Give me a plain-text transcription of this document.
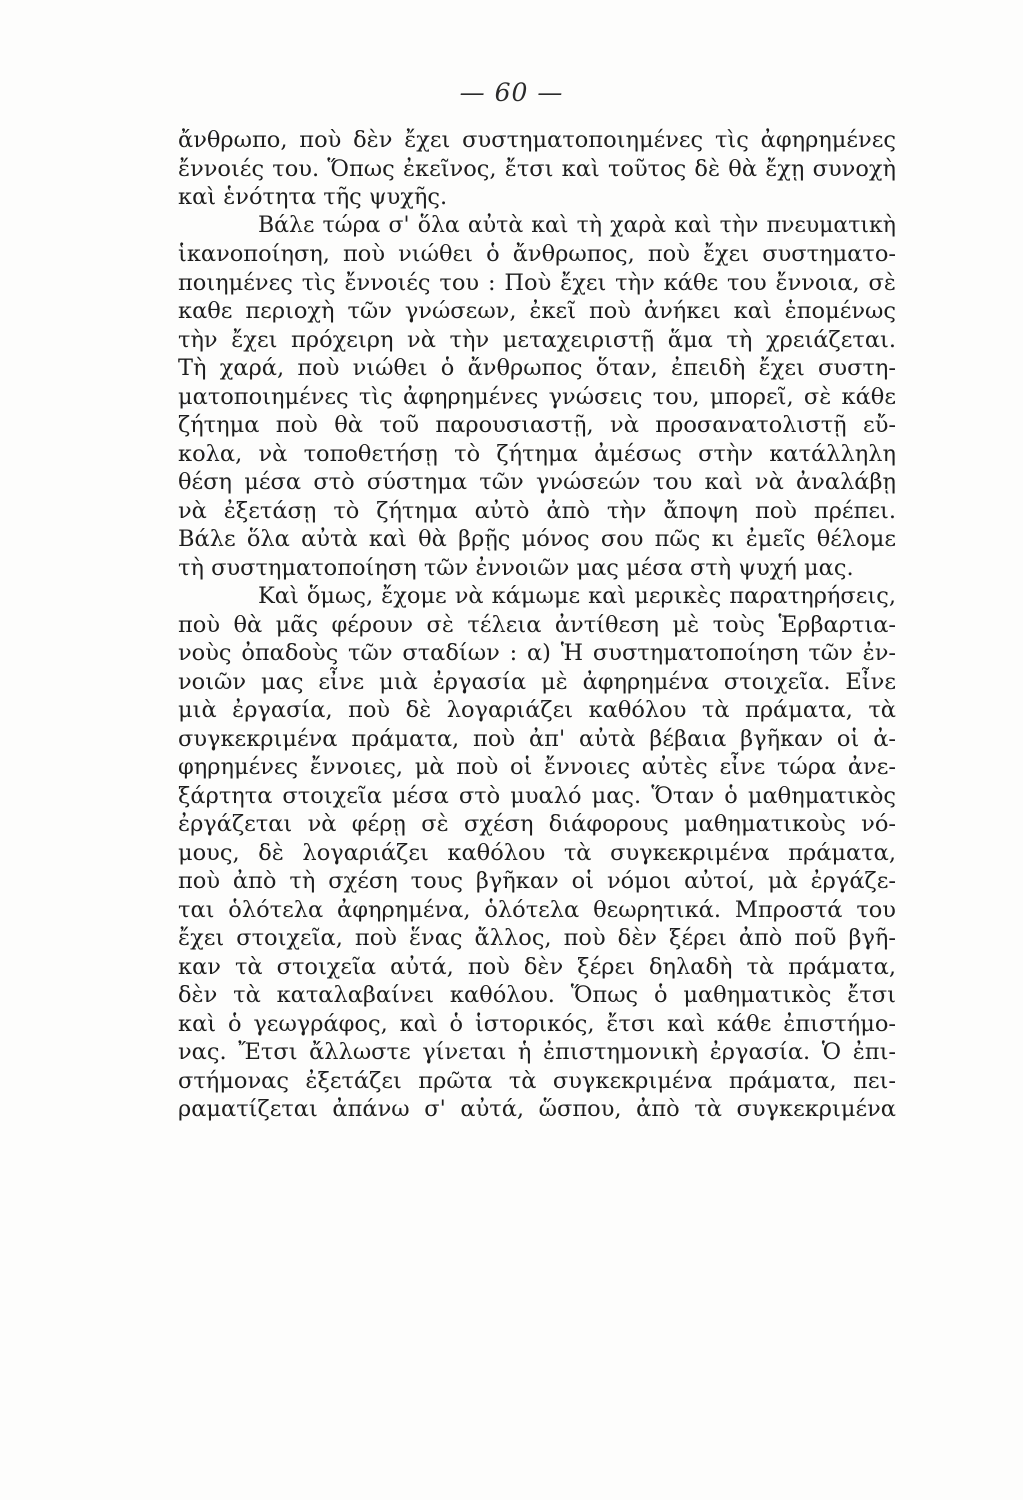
— 60 —
ἄνθρωπο, ποὺ δὲν ἔχει συστηματοποιημένες τὶς ἀφηρημένες
ἔννοιές του. Ὅπως ἐκεῖνος, ἔτσι καὶ τοῦτος δὲ θὰ ἔχῃ συνοχὴ
καὶ ἑνότητα τῆς ψυχῆς.
Βάλε τώρα σ' ὅλα αὐτὰ καὶ τὴ χαρὰ καὶ τὴν πνευματικὴ
ἱκανοποίηση, ποὺ νιώθει ὁ ἄνθρωπος, ποὺ ἔχει συστηματο-
ποιημένες τὶς ἔννοιές του : Ποὺ ἔχει τὴν κάθε του ἔννοια, σὲ
καθε περιοχὴ τῶν γνώσεων, ἐκεῖ ποὺ ἀνήκει καὶ ἑπομένως
τὴν ἔχει πρόχειρη νὰ τὴν μεταχειριστῇ ἅμα τὴ χρειάζεται.
Τὴ χαρά, ποὺ νιώθει ὁ ἄνθρωπος ὅταν, ἐπειδὴ ἔχει συστη-
ματοποιημένες τὶς ἀφηρημένες γνώσεις του, μπορεῖ, σὲ κάθε
ζήτημα ποὺ θὰ τοῦ παρουσιαστῇ, νὰ προσανατολιστῇ εὔ-
κολα, νὰ τοποθετήσῃ τὸ ζήτημα ἀμέσως στὴν κατάλληλη
θέση μέσα στὸ σύστημα τῶν γνώσεών του καὶ νὰ ἀναλάβῃ
νὰ ἐξετάσῃ τὸ ζήτημα αὐτὸ ἀπὸ τὴν ἄποψη ποὺ πρέπει.
Βάλε ὅλα αὐτὰ καὶ θὰ βρῇς μόνος σου πῶς κι ἐμεῖς θέλομε
τὴ συστηματοποίηση τῶν ἐννοιῶν μας μέσα στὴ ψυχή μας.
Καὶ ὅμως, ἔχομε νὰ κάμωμε καὶ μερικὲς παρατηρήσεις,
ποὺ θὰ μᾶς φέρουν σὲ τέλεια ἀντίθεση μὲ τοὺς Ἑρβαρτια-
νοὺς ὀπαδοὺς τῶν σταδίων : α) Ἡ συστηματοποίηση τῶν ἐν-
νοιῶν μας εἶνε μιὰ ἐργασία μὲ ἀφηρημένα στοιχεῖα. Εἶνε
μιὰ ἐργασία, ποὺ δὲ λογαριάζει καθόλου τὰ πράματα, τὰ
συγκεκριμένα πράματα, ποὺ ἀπ' αὐτὰ βέβαια βγῆκαν οἱ ἀ-
φηρημένες ἔννοιες, μὰ ποὺ οἱ ἔννοιες αὐτὲς εἶνε τώρα ἀνε-
ξάρτητα στοιχεῖα μέσα στὸ μυαλό μας. Ὅταν ὁ μαθηματικὸς
ἐργάζεται νὰ φέρῃ σὲ σχέση διάφορους μαθηματικοὺς νό-
μους, δὲ λογαριάζει καθόλου τὰ συγκεκριμένα πράματα,
ποὺ ἀπὸ τὴ σχέση τους βγῆκαν οἱ νόμοι αὐτοί, μὰ ἐργάζε-
ται ὁλότελα ἀφηρημένα, ὁλότελα θεωρητικά. Μπροστά του
ἔχει στοιχεῖα, ποὺ ἕνας ἄλλος, ποὺ δὲν ξέρει ἀπὸ ποῦ βγῆ-
καν τὰ στοιχεῖα αὐτά, ποὺ δὲν ξέρει δηλαδὴ τὰ πράματα,
δὲν τὰ καταλαβαίνει καθόλου. Ὅπως ὁ μαθηματικὸς ἔτσι
καὶ ὁ γεωγράφος, καὶ ὁ ἱστορικός, ἔτσι καὶ κάθε ἐπιστήμο-
νας. Ἔτσι ἄλλωστε γίνεται ἡ ἐπιστημονικὴ ἐργασία. Ὁ ἐπι-
στήμονας ἐξετάζει πρῶτα τὰ συγκεκριμένα πράματα, πει-
ραματίζεται ἀπάνω σ' αὐτά, ὥσπου, ἀπὸ τὰ συγκεκριμένα
